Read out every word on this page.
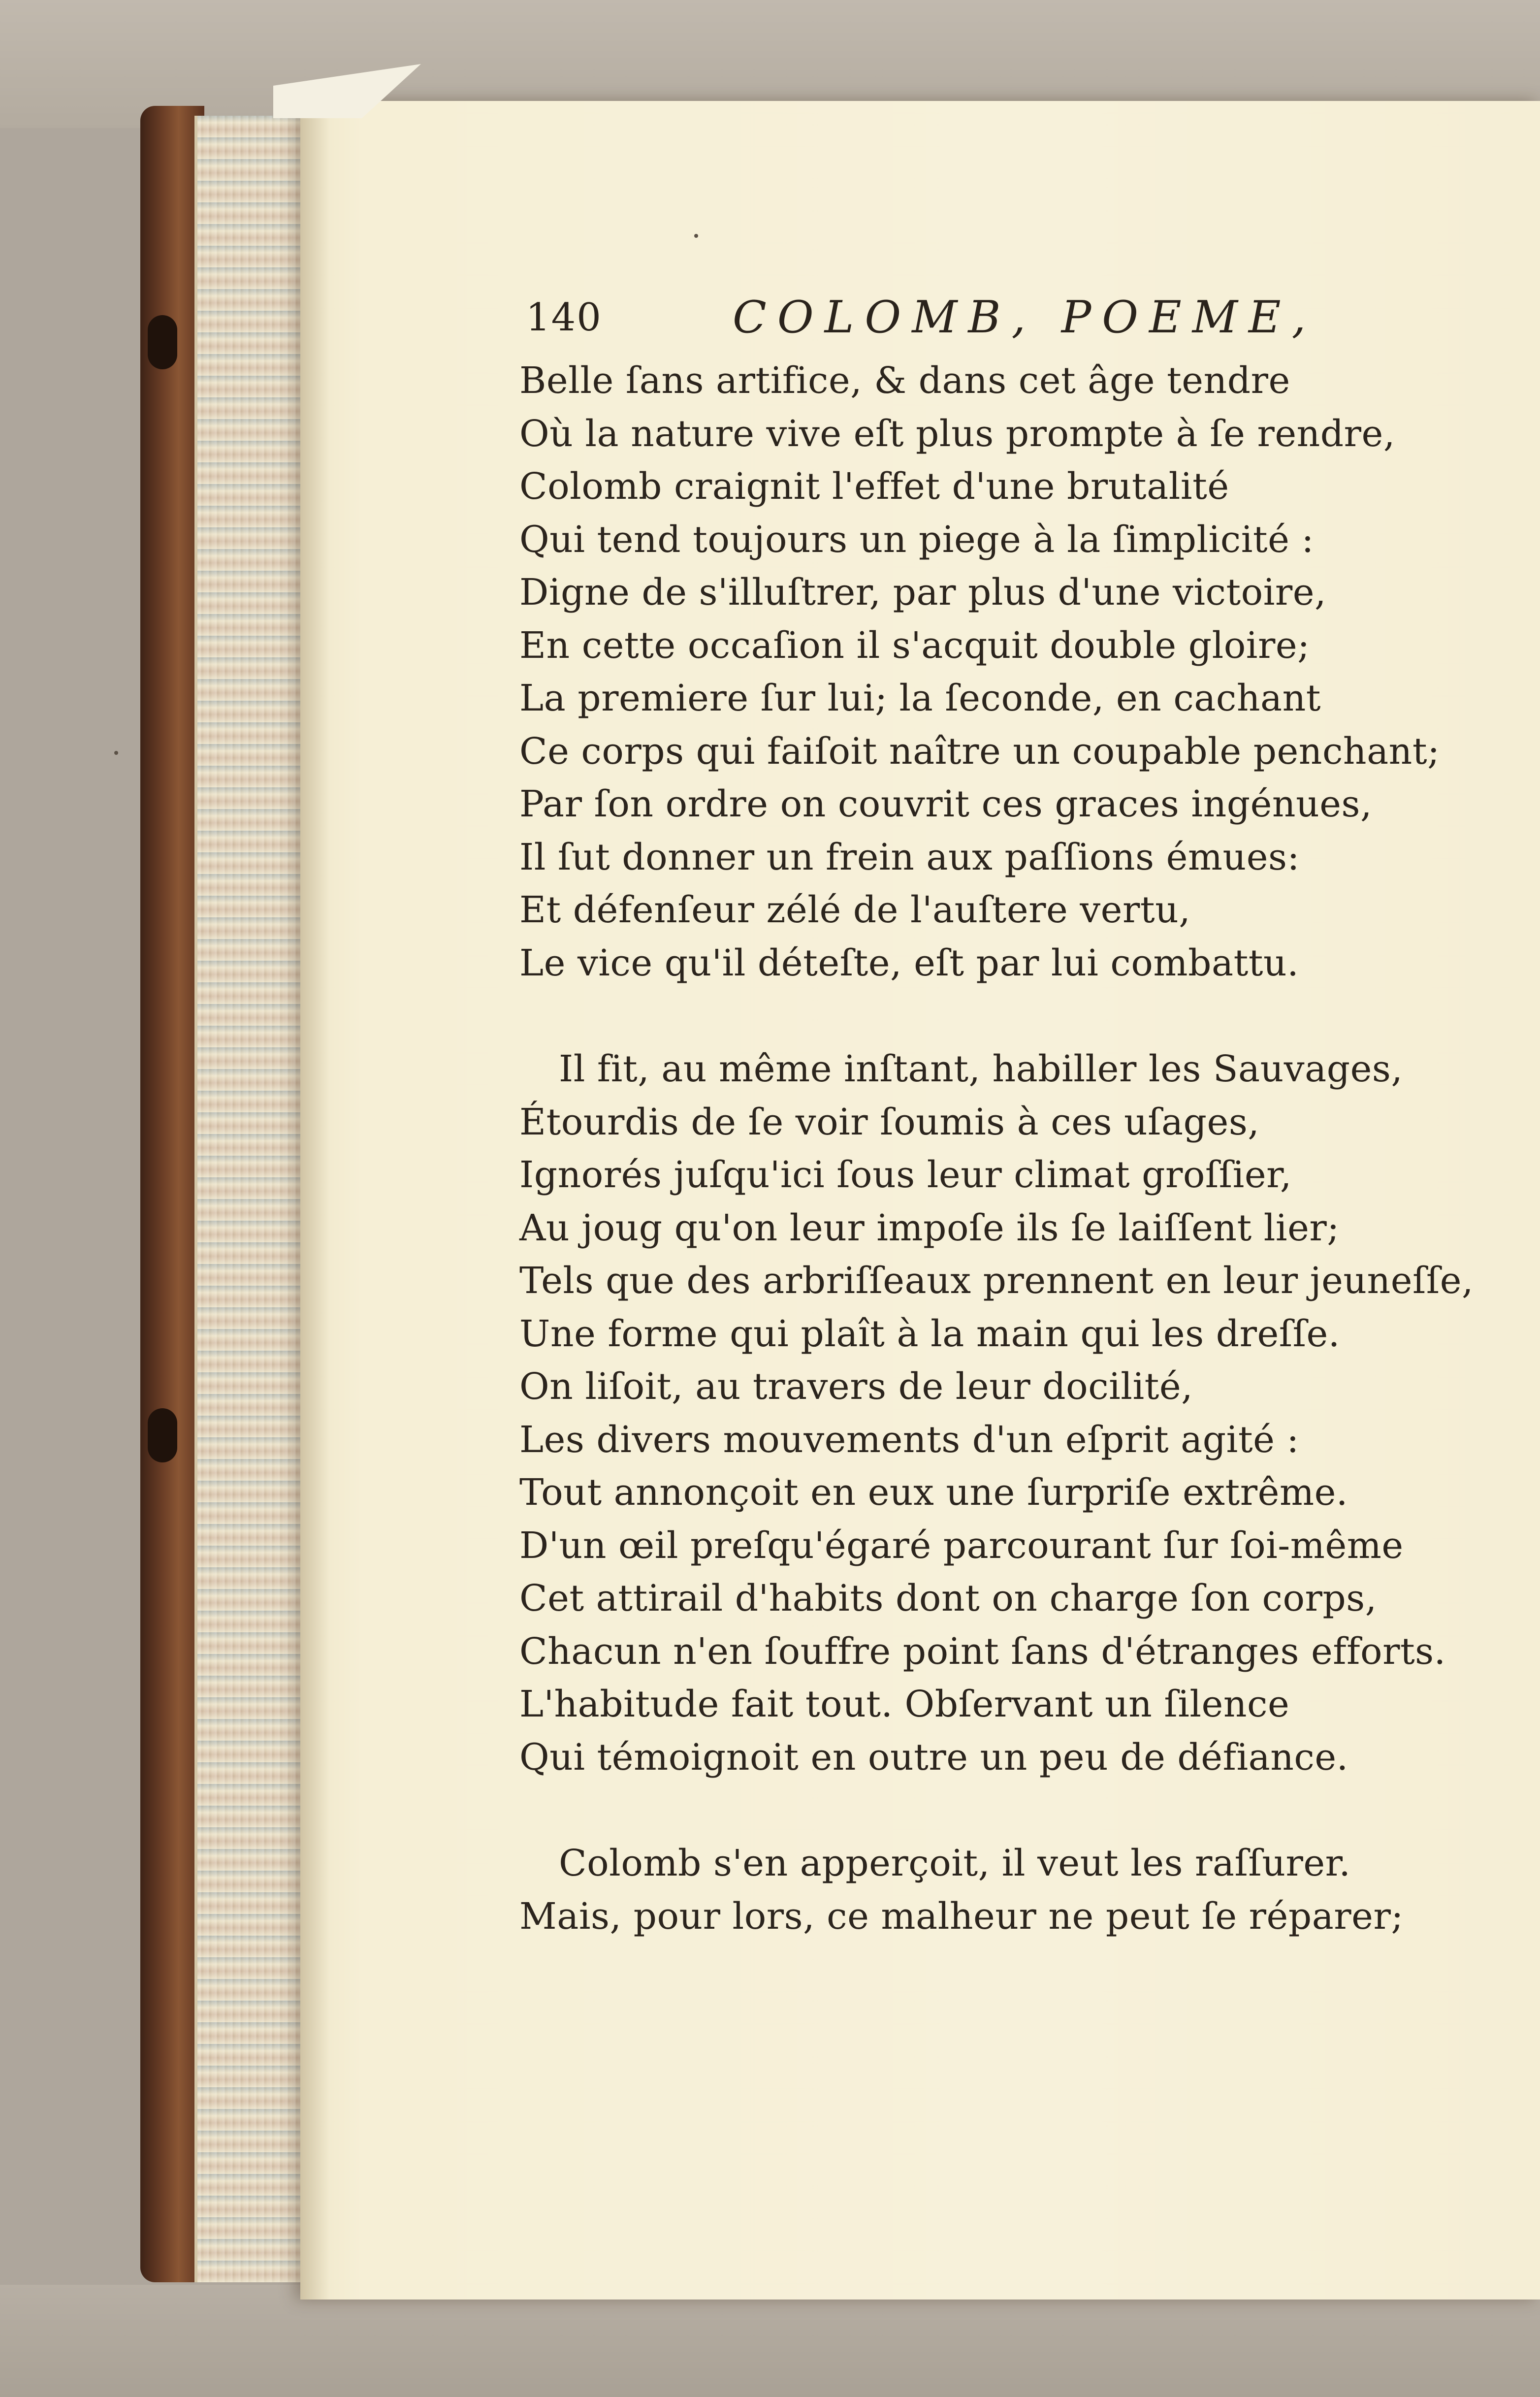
140	COLOMB, POEME,
Belle ſans artifice, & dans cet âge tendre
Où la nature vive eſt plus prompte à ſe rendre,
Colomb craignit l'effet d'une brutalité
Qui tend toujours un piege à la ſimplicité :
Digne de s'illuſtrer, par plus d'une victoire,
En cette occaſion il s'acquit double gloire;
La premiere ſur lui; la ſeconde, en cachant
Ce corps qui faiſoit naître un coupable penchant;
Par ſon ordre on couvrit ces graces ingénues,
Il ſut donner un frein aux paſſions émues:
Et défenſeur zélé de l'auſtere vertu,
Le vice qu'il déteſte, eſt par lui combattu.
Il fit, au même inſtant, habiller les Sauvages,
Étourdis de ſe voir ſoumis à ces uſages,
Ignorés juſqu'ici ſous leur climat groſſier,
Au joug qu'on leur impoſe ils ſe laiſſent lier;
Tels que des arbriſſeaux prennent en leur jeuneſſe,
Une forme qui plaît à la main qui les dreſſe.
On liſoit, au travers de leur docilité,
Les divers mouvements d'un eſprit agité :
Tout annonçoit en eux une ſurpriſe extrême.
D'un œil preſqu'égaré parcourant ſur ſoi-même
Cet attirail d'habits dont on charge ſon corps,
Chacun n'en ſouffre point ſans d'étranges efforts.
L'habitude fait tout. Obſervant un ſilence
Qui témoignoit en outre un peu de défiance.
Colomb s'en apperçoit, il veut les raſſurer.
Mais, pour lors, ce malheur ne peut ſe réparer;
